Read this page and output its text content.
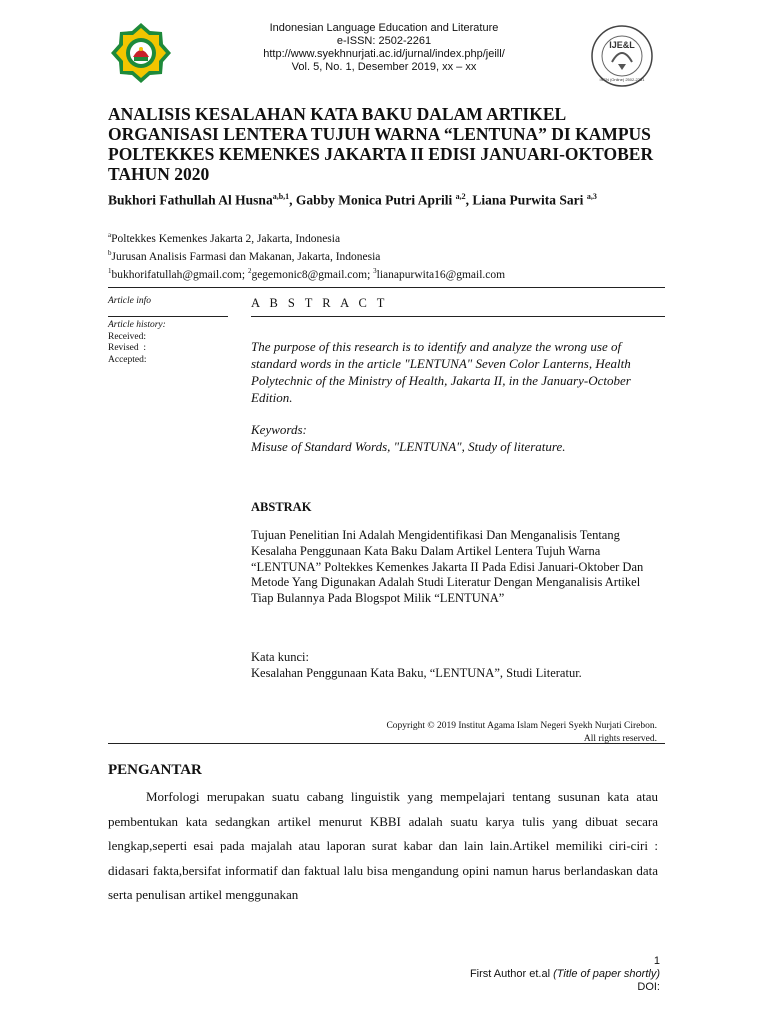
Indonesian Language Education and Literature
e-ISSN: 2502-2261
http://www.syekhnurjati.ac.id/jurnal/index.php/jeill/
Vol. 5, No. 1, Desember 2019, xx – xx
IJE&L
ISSN (Online) 2502-2261
ANALISIS KESALAHAN KATA BAKU DALAM ARTIKEL ORGANISASI LENTERA TUJUH WARNA “LENTUNA” DI KAMPUS POLTEKKES KEMENKES JAKARTA II EDISI JANUARI-OKTOBER TAHUN 2020
Bukhori Fathullah Al Husna$^{a,b,1}$, Gabby Monica Putri Aprili $^{a,2}$, Liana Purwita Sari $^{a,3}$
$^a$Poltekkes Kemenkes Jakarta 2, Jakarta, Indonesia
$^b$Jurusan Analisis Farmasi dan Makanan, Jakarta, Indonesia
$^1$bukhorifatullah@gmail.com; $^2$gegemonic8@gmail.com; $^3$lianapurwita16@gmail.com
Article info	A B S T R A C T
Article history:
Received:
Revised  :
Accepted:
The purpose of this research is to identify and analyze the wrong use of standard words in the article "LENTUNA" Seven Color Lanterns, Health Polytechnic of the Ministry of Health, Jakarta II, in the January-October Edition.
Keywords:
Misuse of Standard Words, "LENTUNA", Study of literature.
ABSTRAK
Tujuan Penelitian Ini Adalah Mengidentifikasi Dan Menganalisis Tentang Kesalaha Penggunaan Kata Baku Dalam Artikel Lentera Tujuh Warna “LENTUNA” Poltekkes Kemenkes Jakarta II Pada Edisi Januari-Oktober Dan Metode Yang Digunakan Adalah Studi Literatur Dengan Menganalisis Artikel Tiap Bulannya Pada Blogspot Milik “LENTUNA”
Kata kunci:
Kesalahan Penggunaan Kata Baku, “LENTUNA”, Studi Literatur.
Copyright © 2019 Institut Agama Islam Negeri Syekh Nurjati Cirebon.
All rights reserved.
PENGANTAR
Morfologi merupakan suatu cabang linguistik yang mempelajari tentang susunan kata atau pembentukan kata sedangkan artikel menurut KBBI adalah suatu karya tulis yang dibuat secara lengkap,seperti esai pada majalah atau laporan surat kabar dan lain lain.Artikel memiliki ciri-ciri : didasari fakta,bersifat informatif dan faktual lalu bisa mengandung opini namun harus berlandaskan data serta penulisan artikel menggunakan
1
First Author et.al (Title of paper shortly)
DOI:
